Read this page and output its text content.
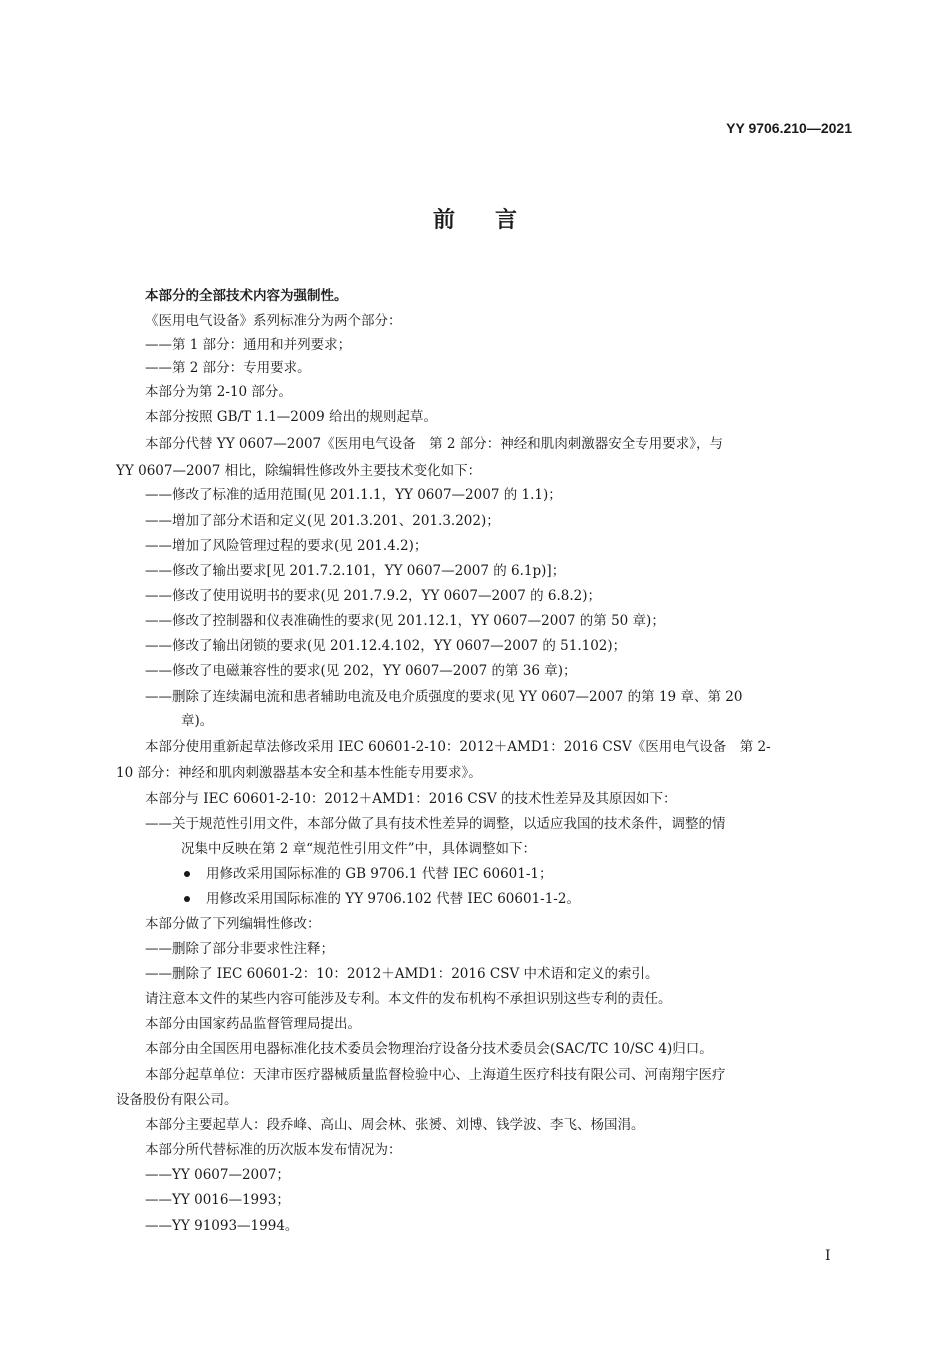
YY 9706.210—2021
前言
本部分的全部技术内容为强制性。
《医用电气设备》系列标准分为两个部分：
——第 1 部分：通用和并列要求；
——第 2 部分：专用要求。
本部分为第 2-10 部分。
本部分按照 GB/T 1.1—2009 给出的规则起草。
本部分代替 YY 0607—2007《医用电气设备　第 2 部分：神经和肌肉刺激器安全专用要求》，与
YY 0607—2007 相比，除编辑性修改外主要技术变化如下：
——修改了标准的适用范围(见 201.1.1，YY 0607—2007 的 1.1)；
——增加了部分术语和定义(见 201.3.201、201.3.202)；
——增加了风险管理过程的要求(见 201.4.2)；
——修改了输出要求[见 201.7.2.101，YY 0607—2007 的 6.1p)]；
——修改了使用说明书的要求(见 201.7.9.2，YY 0607—2007 的 6.8.2)；
——修改了控制器和仪表准确性的要求(见 201.12.1，YY 0607—2007 的第 50 章)；
——修改了输出闭锁的要求(见 201.12.4.102，YY 0607—2007 的 51.102)；
——修改了电磁兼容性的要求(见 202，YY 0607—2007 的第 36 章)；
——删除了连续漏电流和患者辅助电流及电介质强度的要求(见 YY 0607—2007 的第 19 章、第 20
章)。
本部分使用重新起草法修改采用 IEC 60601-2-10：2012＋AMD1：2016 CSV《医用电气设备　第 2-
10 部分：神经和肌肉刺激器基本安全和基本性能专用要求》。
本部分与 IEC 60601-2-10：2012＋AMD1：2016 CSV 的技术性差异及其原因如下：
——关于规范性引用文件，本部分做了具有技术性差异的调整，以适应我国的技术条件，调整的情
况集中反映在第 2 章“规范性引用文件”中，具体调整如下：
用修改采用国际标准的 GB 9706.1 代替 IEC 60601-1；
用修改采用国际标准的 YY 9706.102 代替 IEC 60601-1-2。
本部分做了下列编辑性修改：
——删除了部分非要求性注释；
——删除了 IEC 60601-2：10：2012＋AMD1：2016 CSV 中术语和定义的索引。
请注意本文件的某些内容可能涉及专利。本文件的发布机构不承担识别这些专利的责任。
本部分由国家药品监督管理局提出。
本部分由全国医用电器标准化技术委员会物理治疗设备分技术委员会(SAC/TC 10/SC 4)归口。
本部分起草单位：天津市医疗器械质量监督检验中心、上海道生医疗科技有限公司、河南翔宇医疗
设备股份有限公司。
本部分主要起草人：段乔峰、高山、周会林、张赟、刘博、钱学波、李飞、杨国涓。
本部分所代替标准的历次版本发布情况为：
——YY 0607—2007；
——YY 0016—1993；
——YY 91093—1994。
I
